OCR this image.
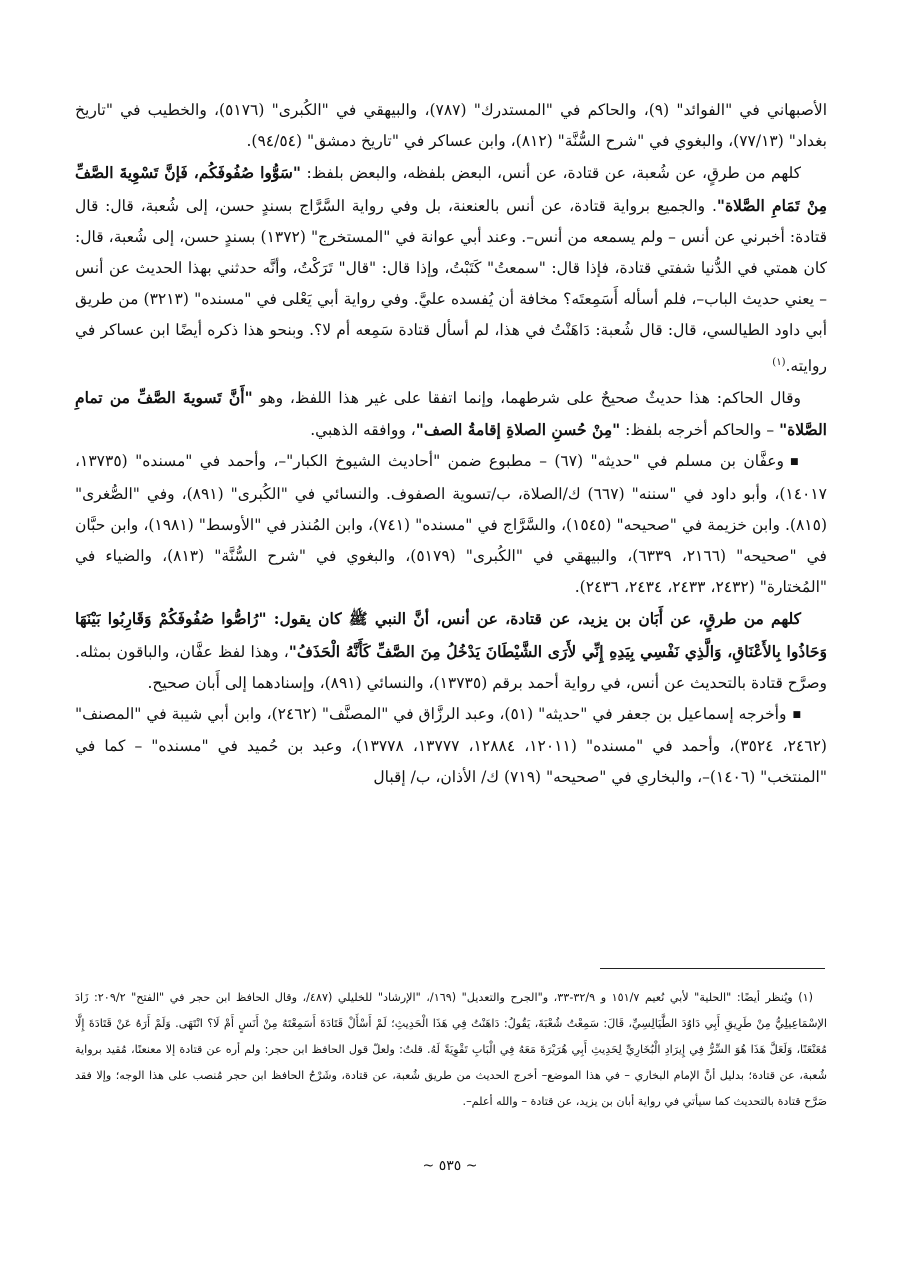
الأصبهاني في "الفوائد" (٩)، والحاكم في "المستدرك" (٧٨٧)، والبيهقي في "الكُبرى" (٥١٧٦)، والخطيب في "تاريخ بغداد" (٧٧/١٣)، والبغوي في "شرح السُّنَّة" (٨١٢)، وابن عساكر في "تاريخ دمشق" (٩٤/٥٤).

كلهم من طرقٍ، عن شُعبة، عن قتادة، عن أنس، البعض بلفظه، والبعض بلفظ: "سَوُّوا صُفُوفَكُم، فَإنَّ تَسْوِيةَ الصَّفِّ مِنْ تَمَامِ الصَّلاة". والجميع برواية قتادة، عن أنس بالعنعنة، بل وفي رواية السَّرَّاج بسندٍ حسن، إلى شُعبة، قال: قال قتادة: أخبرني عن أنس – ولم يسمعه من أنس–. وعند أبي عوانة في "المستخرج" (١٣٧٢) بسندٍ حسن، إلى شُعبة، قال: كان همتي في الدُّنيا شفتي قتادة، فإذا قال: "سمعتُ" كَتَبْتُ، وإذا قال: "قال" تَرَكْتُ، وأنَّه حدثني بهذا الحديث عن أنس – يعني حديث الباب–، فلم أسأله أَسَمِعتَه؟ مخافة أن يُفسده عليَّ. وفي رواية أبي يَعْلى في "مسنده" (٣٢١٣) من طريق أبي داود الطيالسي، قال: قال شُعبة: دَاهَنْتُ في هذا، لم أسأل قتادة سَمِعه أم لا؟. وبنحو هذا ذكره أيضًا ابن عساكر في روايته.$^{(١)}$

وقال الحاكم: هذا حديثٌ صحيحٌ على شرطهما، وإنما اتفقا على غير هذا اللفظ، وهو "أَنَّ تَسويةَ الصَّفِّ من تمامِ الصَّلاة" – والحاكم أخرجه بلفظ: "مِنْ حُسنِ الصلاةِ إقامةُ الصف"، ووافقه الذهبي.

■وعفَّان بن مسلم في "حديثه" (٦٧) – مطبوع ضمن "أحاديث الشيوخ الكبار"–، وأحمد في "مسنده" (١٣٧٣٥، ١٤٠١٧)، وأبو داود في "سننه" (٦٦٧) ك/الصلاة، ب/تسوية الصفوف. والنسائي في "الكُبرى" (٨٩١)، وفي "الصُّغرى" (٨١٥). وابن خزيمة في "صحيحه" (١٥٤٥)، والسَّرَّاج في "مسنده" (٧٤١)، وابن المُنذر في "الأوسط" (١٩٨١)، وابن حبَّان في "صحيحه" (٢١٦٦، ٦٣٣٩)، والبيهقي في "الكُبرى" (٥١٧٩)، والبغوي في "شرح السُّنَّة" (٨١٣)، والضياء في "المُختارة" (٢٤٣٢، ٢٤٣٣، ٢٤٣٤، ٢٤٣٦).

كلهم من طرقٍ، عن أَبَان بن يزيد، عن قتادة، عن أنس، أنَّ النبي ﷺ كان يقول: "رُاصُّوا صُفُوفَكُمْ وَقَارِبُوا بَيْنَهَا وَحَاذُوا بِالأَعْنَاقِ، وَالَّذِي نَفْسِي بِيَدِهِ إِنِّي لأَرَى الشَّيْطَانَ يَدْخُلُ مِنَ الصَّفِّ كَأَنَّهُ الْحَذَفُ"، وهذا لفظ عفَّان، والباقون بمثله. وصرَّح قتادة بالتحديث عن أنس، في رواية أحمد برقم (١٣٧٣٥)، والنسائي (٨٩١)، وإسنادهما إلى أَبان صحيح.

■وأخرجه إسماعيل بن جعفر في "حديثه" (٥١)، وعبد الرزَّاق في "المصنَّف" (٢٤٦٢)، وابن أبي شيبة في "المصنف" (٢٤٦٢، ٣٥٢٤)، وأحمد في "مسنده" (١٢٠١١، ١٢٨٨٤، ١٣٧٧٧، ١٣٧٧٨)، وعبد بن حُميد في "مسنده" – كما في "المنتخب" (١٤٠٦)–، والبخاري في "صحيحه" (٧١٩) ك/ الأذان، ب/ إقبال

(١) ويُنظر أيضًا: "الحلية" لأبي نُعيم ١٥١/٧ و ٣٢/٩-٣٣، و"الجرح والتعديل" (١٦٩/، "الإرشاد" للخليلي (٤٨٧/، وقال الحافظ ابن حجر في "الفتح" ٢٠٩/٢: زَادَ الإسْمَاعِيلِيُّ مِنْ طَرِيقِ أَبِي دَاوُدَ الطَّيَالِسِيِّ، قَالَ: سَمِعْتُ شُعْبَةَ، يَقُولُ: دَاهَنْتُ فِي هَذَا الْحَدِيثِ؛ لَمْ أَسْأَلْ قَتَادَةَ أَسَمِعْتَهُ مِنْ أَنَسٍ أَمْ لَا؟ انْتَهَى. وَلَمْ أَرَهُ عَنْ قَتَادَةَ إِلَّا مُعَنْعَنًا، وَلَعَلَّ هَذَا هُوَ السِّرُّ فِي إِيرَادِ الْبُخَارِيِّ لِحَدِيثِ أَبِي هُرَيْرَةَ مَعَهُ فِي الْبَابِ تَقْوِيَةً لَهُ. قلتُ: ولعلّ قول الحافظ ابن حجر: ولم أره عن قتادة إلا معنعنًا، مُقيد برواية شُعبة، عن قتادة؛ بدليل أنَّ الإمام البخاري – في هذا الموضع– أخرج الحديث من طريق شُعبة، عن قتادة، وشَرْحُ الحافظ ابن حجر مُنصب على هذا الوجه؛ وإلا فقد صَرَّح قتادة بالتحديث كما سيأتي في رواية أبان بن يزيد، عن قتادة – والله أعلم–.

~ ٥٣٥ ~
